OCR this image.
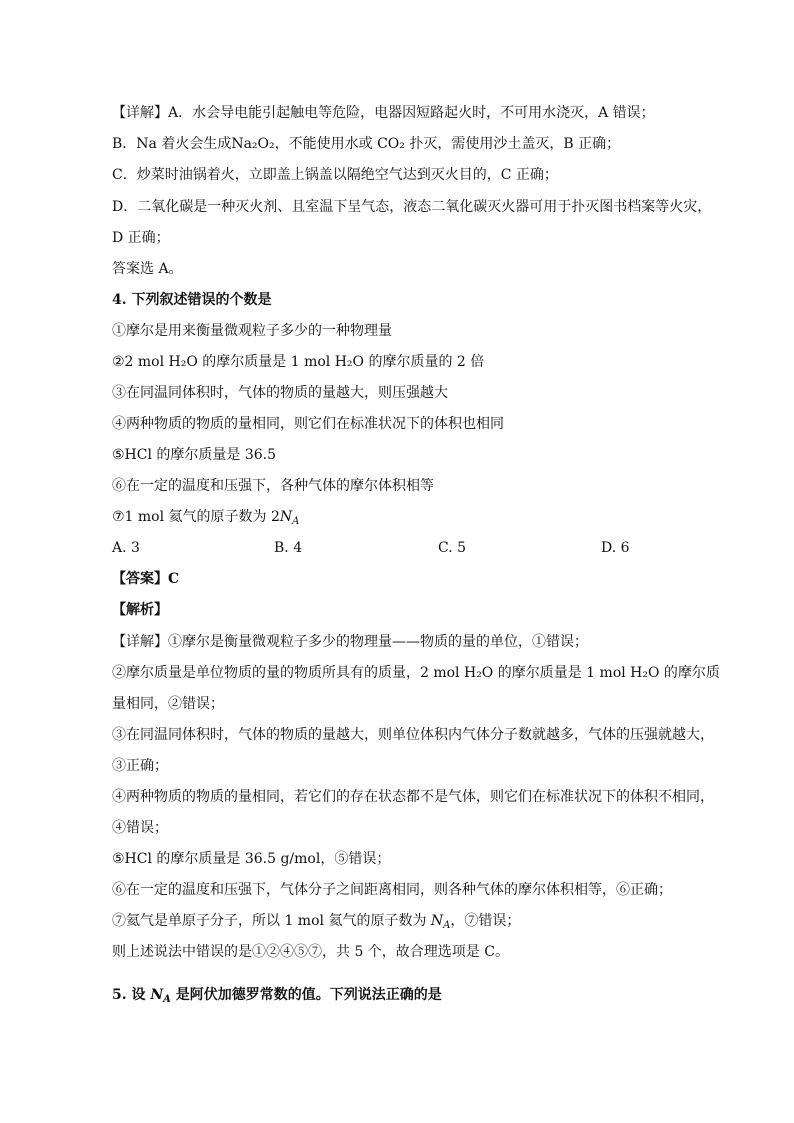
【详解】A．水会导电能引起触电等危险，电器因短路起火时，不可用水浇灭，A 错误；
B．Na 着火会生成Na₂O₂，不能使用水或 CO₂ 扑灭，需使用沙土盖灭，B 正确；
C．炒菜时油锅着火，立即盖上锅盖以隔绝空气达到灭火目的，C 正确；
D．二氧化碳是一种灭火剂、且室温下呈气态，液态二氧化碳灭火器可用于扑灭图书档案等火灾，
D 正确；
答案选 A。
4. 下列叙述错误的个数是
①摩尔是用来衡量微观粒子多少的一种物理量
②2 mol H₂O 的摩尔质量是 1 mol H₂O 的摩尔质量的 2 倍
③在同温同体积时，气体的物质的量越大，则压强越大
④两种物质的物质的量相同，则它们在标准状况下的体积也相同
⑤HCl 的摩尔质量是 36.5
⑥在一定的温度和压强下，各种气体的摩尔体积相等
⑦1 mol 氦气的原子数为 $2N_A$
A. 3	B. 4	C. 5	D. 6
【答案】C
【解析】
【详解】①摩尔是衡量微观粒子多少的物理量——物质的量的单位，①错误；
②摩尔质量是单位物质的量的物质所具有的质量，2 mol H₂O 的摩尔质量是 1 mol H₂O 的摩尔质
量相同，②错误；
③在同温同体积时，气体的物质的量越大，则单位体积内气体分子数就越多，气体的压强就越大，
③正确；
④两种物质的物质的量相同，若它们的存在状态都不是气体，则它们在标准状况下的体积不相同，
④错误；
⑤HCl 的摩尔质量是 36.5 g/mol，⑤错误；
⑥在一定的温度和压强下，气体分子之间距离相同，则各种气体的摩尔体积相等，⑥正确；
⑦氦气是单原子分子，所以 1 mol 氦气的原子数为 $N_A$，⑦错误；
则上述说法中错误的是①②④⑤⑦，共 5 个，故合理选项是 C。
5. 设 $N_A$ 是阿伏加德罗常数的值。下列说法正确的是
